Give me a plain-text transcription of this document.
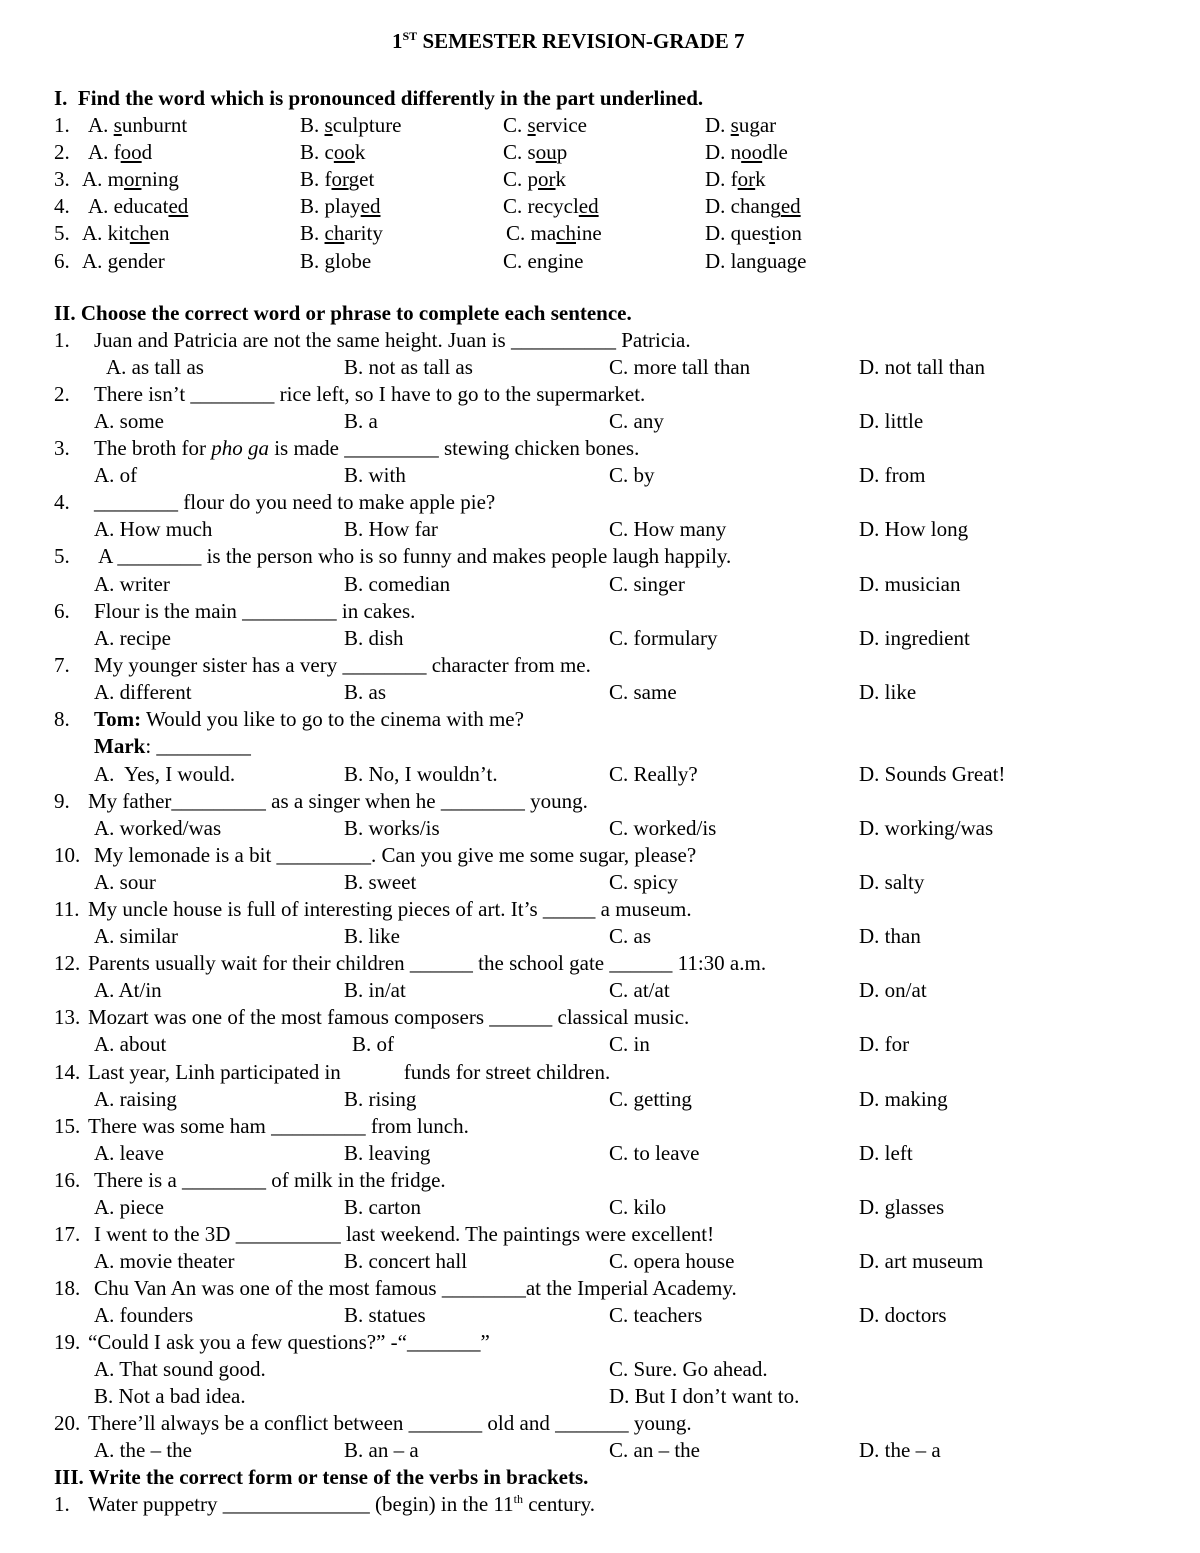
1ST SEMESTER REVISION-GRADE 7
I.  Find the word which is pronounced differently in the part underlined.
1. A. sunburnt	B. sculpture	C. service	D. sugar
2. A. food	B. cook	C. soup	D. noodle
3. A. morning	B. forget	C. pork	D. fork
4. A. educated	B. played	C. recycled	D. changed
5. A. kitchen	B. charity	C. machine	D. question
6. A. gender	B. globe	C. engine	D. language
II. Choose the correct word or phrase to complete each sentence.
1. Juan and Patricia are not the same height. Juan is __________ Patricia.
A. as tall as	B. not as tall as	C. more tall than	D. not tall than
2. There isn’t ________ rice left, so I have to go to the supermarket.
A. some	B. a	C. any	D. little
3. The broth for pho ga is made _________ stewing chicken bones.
A. of	B. with	C. by	D. from
4. ________ flour do you need to make apple pie?
A. How much	B. How far	C. How many	D. How long
5. A ________ is the person who is so funny and makes people laugh happily.
A. writer	B. comedian	C. singer	D. musician
6. Flour is the main _________ in cakes.
A. recipe	B. dish	C. formulary	D. ingredient
7. My younger sister has a very ________ character from me.
A. different	B. as	C. same	D. like
8. Tom: Would you like to go to the cinema with me?
Mark: _________
A.  Yes, I would.	B. No, I wouldn’t.	C. Really?	D. Sounds Great!
9. My father_________ as a singer when he ________ young.
A. worked/was	B. works/is	C. worked/is	D. working/was
10. My lemonade is a bit _________. Can you give me some sugar, please?
A. sour	B. sweet	C. spicy	D. salty
11. My uncle house is full of interesting pieces of art. It’s _____ a museum.
A. similar	B. like	C. as	D. than
12. Parents usually wait for their children ______ the school gate ______ 11:30 a.m.
A. At/in	B. in/at	C. at/at	D. on/at
13. Mozart was one of the most famous composers ______ classical music.
A. about	B. of	C. in	D. for
14. Last year, Linh participated in            funds for street children.
A. raising	B. rising	C. getting	D. making
15. There was some ham _________ from lunch.
A. leave	B. leaving	C. to leave	D. left
16. There is a ________ of milk in the fridge.
A. piece	B. carton	C. kilo	D. glasses
17. I went to the 3D __________ last weekend. The paintings were excellent!
A. movie theater	B. concert hall	C. opera house	D. art museum
18. Chu Van An was one of the most famous ________at the Imperial Academy.
A. founders	B. statues	C. teachers	D. doctors
19. “Could I ask you a few questions?” -“_______”
A. That sound good.	C. Sure. Go ahead.
B. Not a bad idea.	D. But I don’t want to.
20. There’ll always be a conflict between _______ old and _______ young.
A. the – the	B. an – a	C. an – the	D. the – a
III. Write the correct form or tense of the verbs in brackets.
1. Water puppetry ______________ (begin) in the 11th century.
